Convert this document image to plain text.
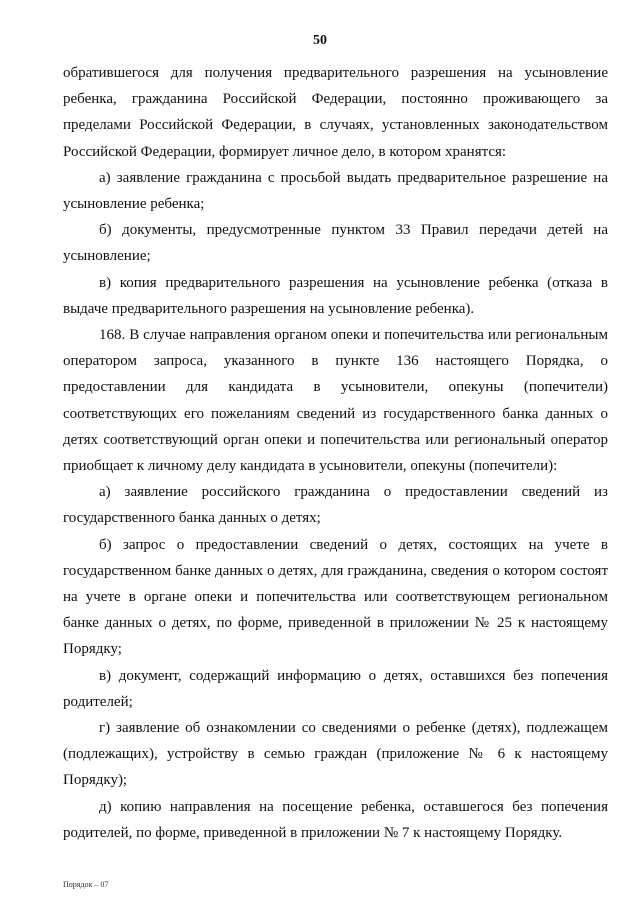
50

обратившегося для получения предварительного разрешения на усыновление ребенка, гражданина Российской Федерации, постоянно проживающего за пределами Российской Федерации, в случаях, установленных законодательством Российской Федерации, формирует личное дело, в котором хранятся:

а) заявление гражданина с просьбой выдать предварительное разрешение на усыновление ребенка;

б) документы, предусмотренные пунктом 33 Правил передачи детей на усыновление;

в) копия предварительного разрешения на усыновление ребенка (отказа в выдаче предварительного разрешения на усыновление ребенка).

168. В случае направления органом опеки и попечительства или региональным оператором запроса, указанного в пункте 136 настоящего Порядка, о предоставлении для кандидата в усыновители, опекуны (попечители) соответствующих его пожеланиям сведений из государственного банка данных о детях соответствующий орган опеки и попечительства или региональный оператор приобщает к личному делу кандидата в усыновители, опекуны (попечители):

а) заявление российского гражданина о предоставлении сведений из государственного банка данных о детях;

б) запрос о предоставлении сведений о детях, состоящих на учете в государственном банке данных о детях, для гражданина, сведения о котором состоят на учете в органе опеки и попечительства или соответствующем региональном банке данных о детях, по форме, приведенной в приложении № 25 к настоящему Порядку;

в) документ, содержащий информацию о детях, оставшихся без попечения родителей;

г) заявление об ознакомлении со сведениями о ребенке (детях), подлежащем (подлежащих), устройству в семью граждан (приложение № 6 к настоящему Порядку);

д) копию направления на посещение ребенка, оставшегося без попечения родителей, по форме, приведенной в приложении № 7 к настоящему Порядку.

Порядок – 07
